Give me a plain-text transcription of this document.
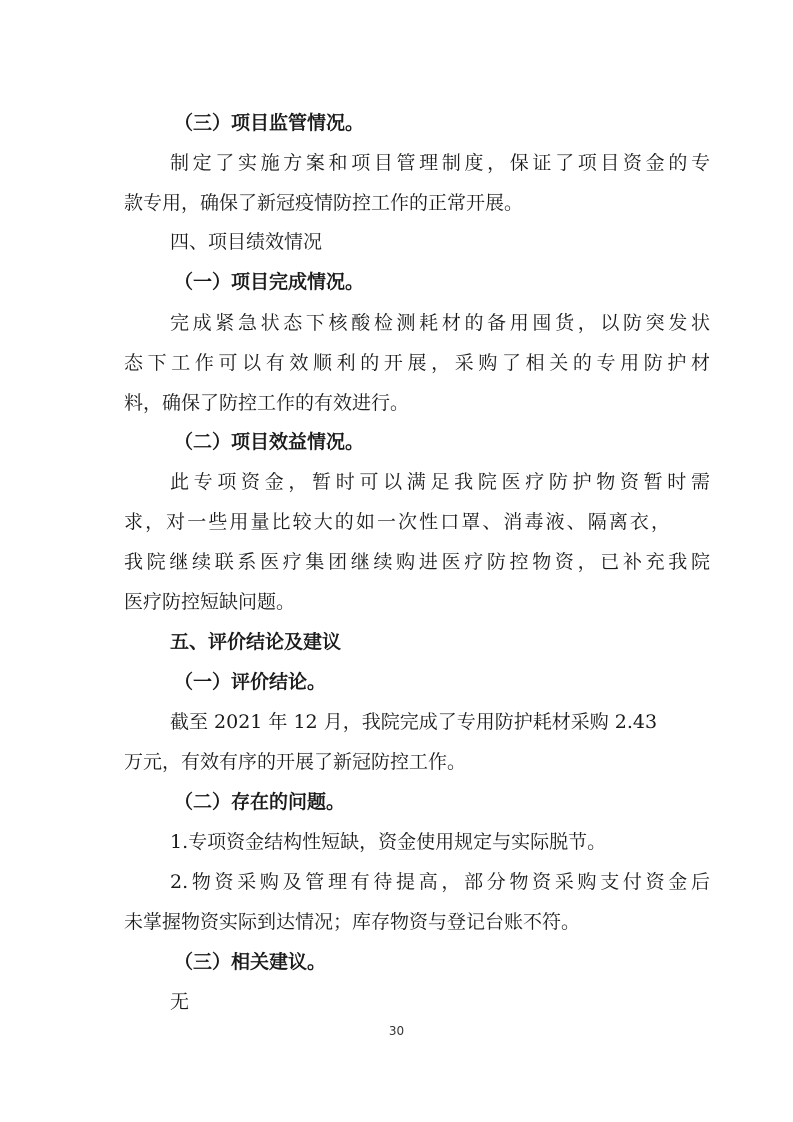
（三）项目监管情况。
制定了实施方案和项目管理制度，保证了项目资金的专
款专用，确保了新冠疫情防控工作的正常开展。
四、项目绩效情况
（一）项目完成情况。
完成紧急状态下核酸检测耗材的备用囤货，以防突发状
态下工作可以有效顺利的开展，采购了相关的专用防护材
料，确保了防控工作的有效进行。
（二）项目效益情况。
此专项资金，暂时可以满足我院医疗防护物资暂时需
求，对一些用量比较大的如一次性口罩、消毒液、隔离衣，
我院继续联系医疗集团继续购进医疗防控物资，已补充我院
医疗防控短缺问题。
五、评价结论及建议
（一）评价结论。
截至 2021 年 12 月，我院完成了专用防护耗材采购 2.43
万元，有效有序的开展了新冠防控工作。
（二）存在的问题。
1.专项资金结构性短缺，资金使用规定与实际脱节。
2.物资采购及管理有待提高，部分物资采购支付资金后
未掌握物资实际到达情况；库存物资与登记台账不符。
（三）相关建议。
无
30
